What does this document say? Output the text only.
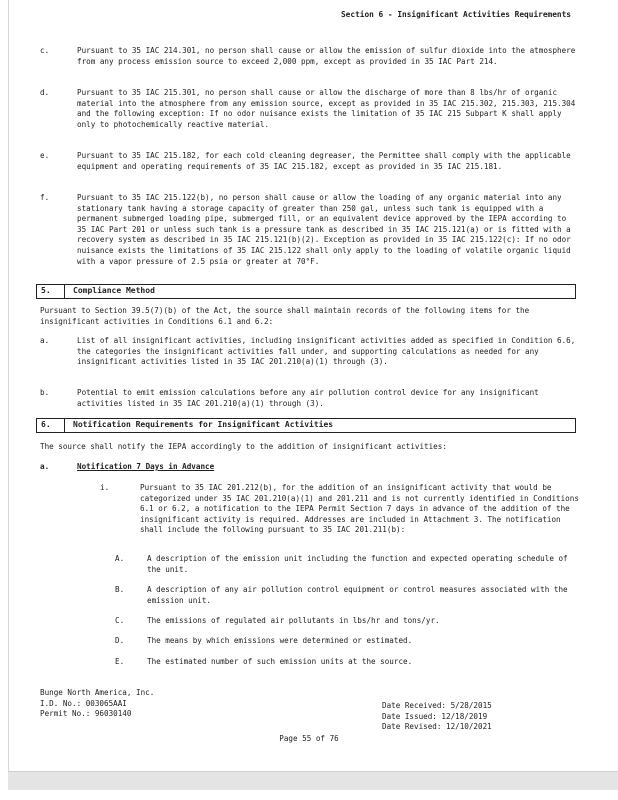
Section 6 - Insignificant Activities Requirements
c.	Pursuant to 35 IAC 214.301, no person shall cause or allow the emission of sulfur dioxide into the atmosphere from any process emission source to exceed 2,000 ppm, except as provided in 35 IAC Part 214.
d.	Pursuant to 35 IAC 215.301, no person shall cause or allow the discharge of more than 8 lbs/hr of organic material into the atmosphere from any emission source, except as provided in 35 IAC 215.302, 215.303, 215.304 and the following exception: If no odor nuisance exists the limitation of 35 IAC 215 Subpart K shall apply only to photochemically reactive material.
e.	Pursuant to 35 IAC 215.182, for each cold cleaning degreaser, the Permittee shall comply with the applicable equipment and operating requirements of 35 IAC 215.182, except as provided in 35 IAC 215.181.
f.	Pursuant to 35 IAC 215.122(b), no person shall cause or allow the loading of any organic material into any stationary tank having a storage capacity of greater than 250 gal, unless such tank is equipped with a permanent submerged loading pipe, submerged fill, or an equivalent device approved by the IEPA according to 35 IAC Part 201 or unless such tank is a pressure tank as described in 35 IAC 215.121(a) or is fitted with a recovery system as described in 35 IAC 215.121(b)(2). Exception as provided in 35 IAC 215.122(c): If no odor nuisance exists the limitations of 35 IAC 215.122 shall only apply to the loading of volatile organic liquid with a vapor pressure of 2.5 psia or greater at 70°F.
5.	Compliance Method
Pursuant to Section 39.5(7)(b) of the Act, the source shall maintain records of the following items for the insignificant activities in Conditions 6.1 and 6.2:
a.	List of all insignificant activities, including insignificant activities added as specified in Condition 6.6, the categories the insignificant activities fall under, and supporting calculations as needed for any insignificant activities listed in 35 IAC 201.210(a)(1) through (3).
b.	Potential to emit emission calculations before any air pollution control device for any insignificant activities listed in 35 IAC 201.210(a)(1) through (3).
6.	Notification Requirements for Insignificant Activities
The source shall notify the IEPA accordingly to the addition of insignificant activities:
a.	Notification 7 Days in Advance
i.	Pursuant to 35 IAC 201.212(b), for the addition of an insignificant activity that would be categorized under 35 IAC 201.210(a)(1) and 201.211 and is not currently identified in Conditions 6.1 or 6.2, a notification to the IEPA Permit Section 7 days in advance of the addition of the insignificant activity is required. Addresses are included in Attachment 3. The notification shall include the following pursuant to 35 IAC 201.211(b):
A.	A description of the emission unit including the function and expected operating schedule of the unit.
B.	A description of any air pollution control equipment or control measures associated with the emission unit.
C.	The emissions of regulated air pollutants in lbs/hr and tons/yr.
D.	The means by which emissions were determined or estimated.
E.	The estimated number of such emission units at the source.
Bunge North America, Inc.
I.D. No.: 003065AAI
Permit No.: 96030140
Date Received: 5/28/2015
Date Issued: 12/18/2019
Date Revised: 12/10/2021
Page 55 of 76
